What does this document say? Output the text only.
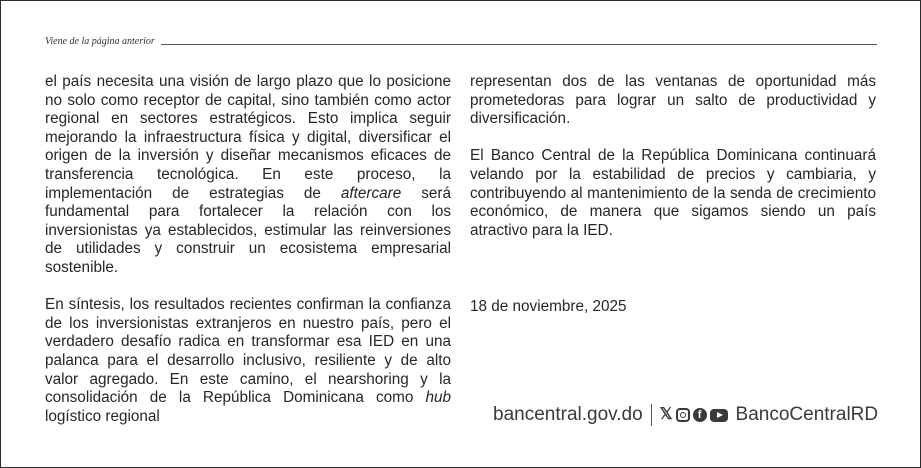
Viene de la página anterior

el país necesita una visión de largo plazo que lo posicione no solo como receptor de capital, sino también como actor regional en sectores estratégicos. Esto implica seguir mejorando la infraestructura física y digital, diversificar el origen de la inversión y diseñar mecanismos eficaces de transferencia tecnológica. En este proceso, la implementación de estrategias de aftercare será fundamental para fortalecer la relación con los inversionistas ya establecidos, estimular las reinversiones de utilidades y construir un ecosistema empresarial sostenible.

En síntesis, los resultados recientes confirman la confianza de los inversionistas extranjeros en nuestro país, pero el verdadero desafío radica en transformar esa IED en una palanca para el desarrollo inclusivo, resiliente y de alto valor agregado. En este camino, el nearshoring y la consolidación de la República Dominicana como hub logístico regional

representan dos de las ventanas de oportunidad más prometedoras para lograr un salto de productividad y diversificación.

El Banco Central de la República Dominicana continuará velando por la estabilidad de precios y cambiaria, y contribuyendo al mantenimiento de la senda de crecimiento económico, de manera que sigamos siendo un país atractivo para la IED.

18 de noviembre, 2025
bancentral.gov.do 𝕏	f BancoCentralRD
